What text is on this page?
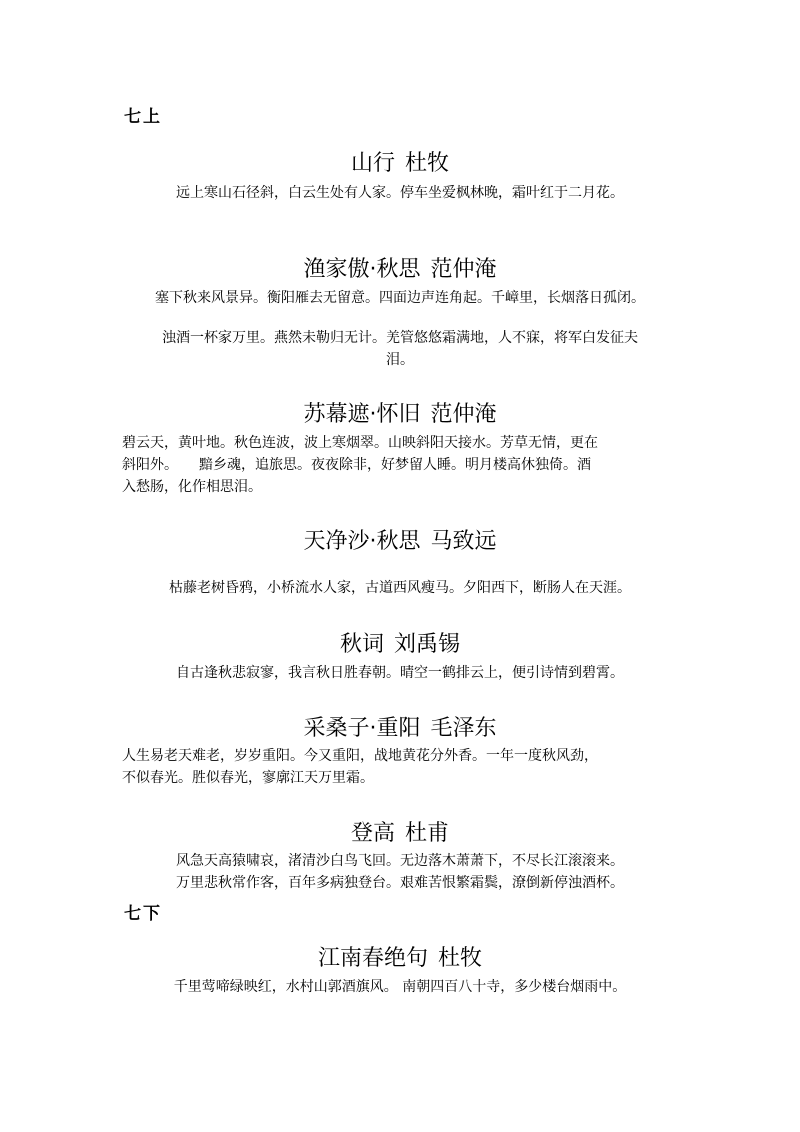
七上
山行 杜牧
远上寒山石径斜，白云生处有人家。停车坐爱枫林晚，霜叶红于二月花。
渔家傲·秋思 范仲淹
塞下秋来风景异。衡阳雁去无留意。四面边声连角起。千嶂里，长烟落日孤闭。
浊酒一杯家万里。燕然未勒归无计。羌管悠悠霜满地，人不寐，将军白发征夫
泪。
苏幕遮·怀旧 范仲淹
碧云天，黄叶地。秋色连波，波上寒烟翠。山映斜阳天接水。芳草无情，更在
斜阳外。　　黯乡魂，追旅思。夜夜除非，好梦留人睡。明月楼高休独倚。酒
入愁肠，化作相思泪。
天净沙·秋思 马致远
枯藤老树昏鸦，小桥流水人家，古道西风瘦马。夕阳西下，断肠人在天涯。
秋词 刘禹锡
自古逢秋悲寂寥，我言秋日胜春朝。晴空一鹤排云上，便引诗情到碧霄。
采桑子·重阳 毛泽东
人生易老天难老，岁岁重阳。今又重阳，战地黄花分外香。一年一度秋风劲，
不似春光。胜似春光，寥廓江天万里霜。
登高 杜甫
风急天高猿啸哀，渚清沙白鸟飞回。无边落木萧萧下，不尽长江滚滚来。
万里悲秋常作客，百年多病独登台。艰难苦恨繁霜鬓，潦倒新停浊酒杯。
七下
江南春绝句 杜牧
千里莺啼绿映红，水村山郭酒旗风。 南朝四百八十寺，多少楼台烟雨中。
